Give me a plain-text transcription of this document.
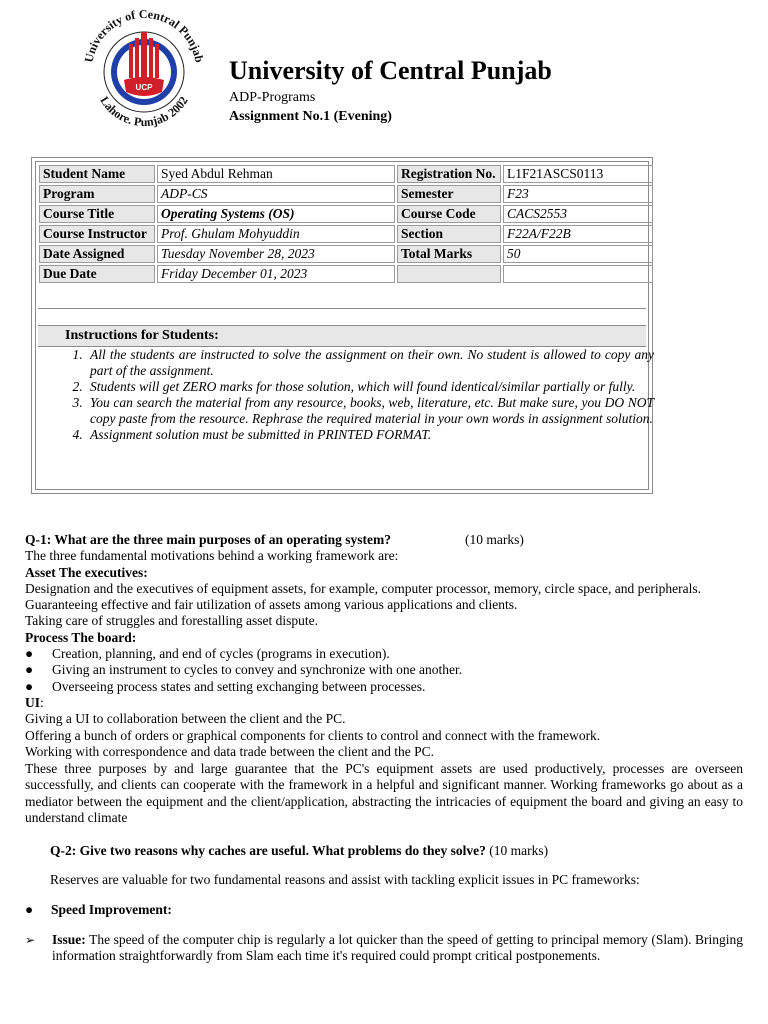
University of Central Punjab
Lahore. Punjab 2002
UCP
University of Central Punjab
ADP-Programs
Assignment No.1 (Evening)
Student Name	Syed Abdul Rehman	Registration No.	L1F21ASCS0113
Program	ADP-CS	Semester	F23
Course Title	Operating Systems (OS)	Course Code	CACS2553
Course Instructor	Prof. Ghulam Mohyuddin	Section	F22A/F22B
Date Assigned	Tuesday November 28, 2023	Total Marks	50
Due Date	Friday December 01, 2023		
Instructions for Students:
1. All the students are instructed to solve the assignment on their own. No student is allowed to copy any part of the assignment.
2. Students will get ZERO marks for those solution, which will found identical/similar partially or fully.
3. You can search the material from any resource, books, web, literature, etc. But make sure, you DO NOT copy paste from the resource. Rephrase the required material in your own words in assignment solution.
4. Assignment solution must be submitted in PRINTED FORMAT.

Q-1: What are the three main purposes of an operating system?	(10 marks)

The three fundamental motivations behind a working framework are:

Asset The executives:

Designation and the executives of equipment assets, for example, computer processor, memory, circle space, and peripherals.

Guaranteeing effective and fair utilization of assets among various applications and clients.

Taking care of struggles and forestalling asset dispute.

Process The board:

● Creation, planning, and end of cycles (programs in execution).
● Giving an instrument to cycles to convey and synchronize with one another.
● Overseeing process states and setting exchanging between processes.

UI:

Giving a UI to collaboration between the client and the PC.

Offering a bunch of orders or graphical components for clients to control and connect with the framework.

Working with correspondence and data trade between the client and the PC.

These three purposes by and large guarantee that the PC's equipment assets are used productively, processes are overseen successfully, and clients can cooperate with the framework in a helpful and significant manner. Working frameworks go about as a mediator between the equipment and the client/application, abstracting the intricacies of equipment the board and giving an easy to understand climate

Q-2: Give two reasons why caches are useful. What problems do they solve? (10 marks)
Reserves are valuable for two fundamental reasons and assist with tackling explicit issues in PC frameworks:
● Speed Improvement:
➢ Issue: The speed of the computer chip is regularly a lot quicker than the speed of getting to principal memory (Slam). Bringing information straightforwardly from Slam each time it's required could prompt critical postponements.
